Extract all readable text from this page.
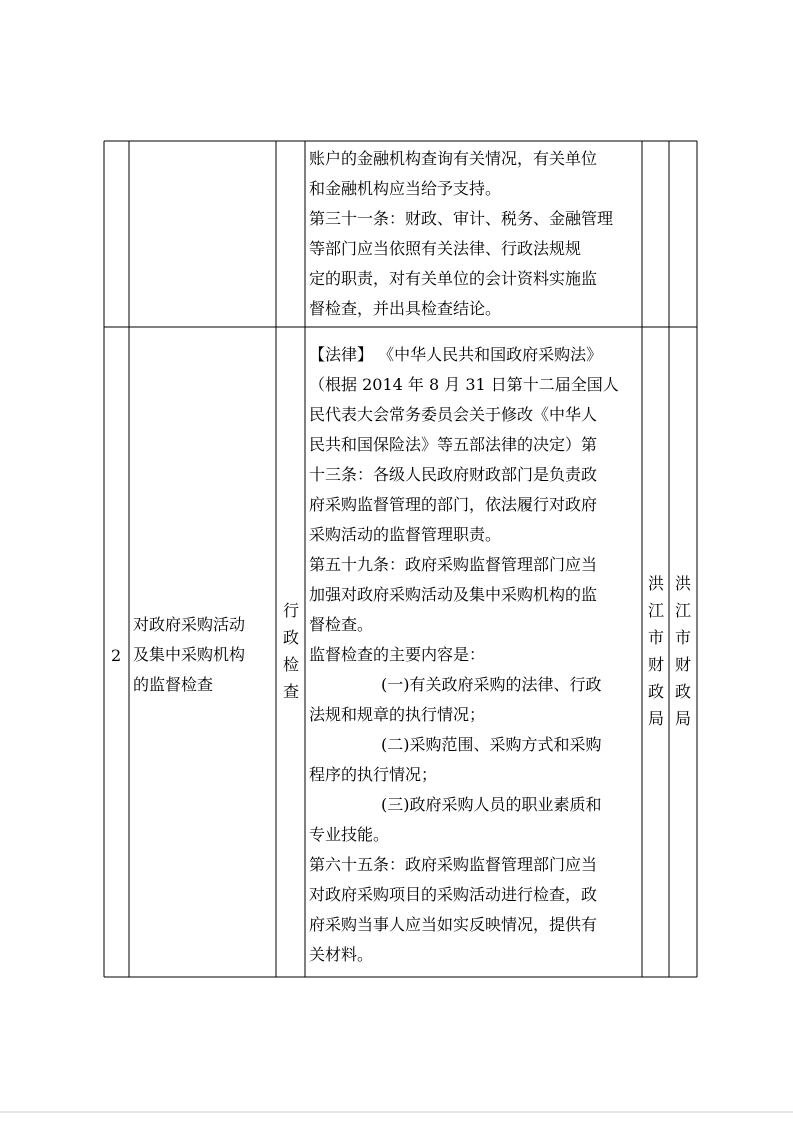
账户的金融机构查询有关情况，有关单位
和金融机构应当给予支持。
第三十一条：财政、审计、税务、金融管理
等部门应当依照有关法律、行政法规规
定的职责，对有关单位的会计资料实施监
督检查，并出具检查结论。
2
对政府采购活动
及集中采购机构
的监督检查
行政检查
【法律】 《中华人民共和国政府采购法》
（根据 2014 年 8 月 31 日第十二届全国人
民代表大会常务委员会关于修改《中华人
民共和国保险法》等五部法律的决定）第
十三条：各级人民政府财政部门是负责政
府采购监督管理的部门，依法履行对政府
采购活动的监督管理职责。
第五十九条：政府采购监督管理部门应当
加强对政府采购活动及集中采购机构的监
督检查。
监督检查的主要内容是：
(一)有关政府采购的法律、行政
法规和规章的执行情况；
(二)采购范围、采购方式和采购
程序的执行情况；
(三)政府采购人员的职业素质和
专业技能。
第六十五条：政府采购监督管理部门应当
对政府采购项目的采购活动进行检查，政
府采购当事人应当如实反映情况，提供有
关材料。
洪江市财政局
洪江市财政局
